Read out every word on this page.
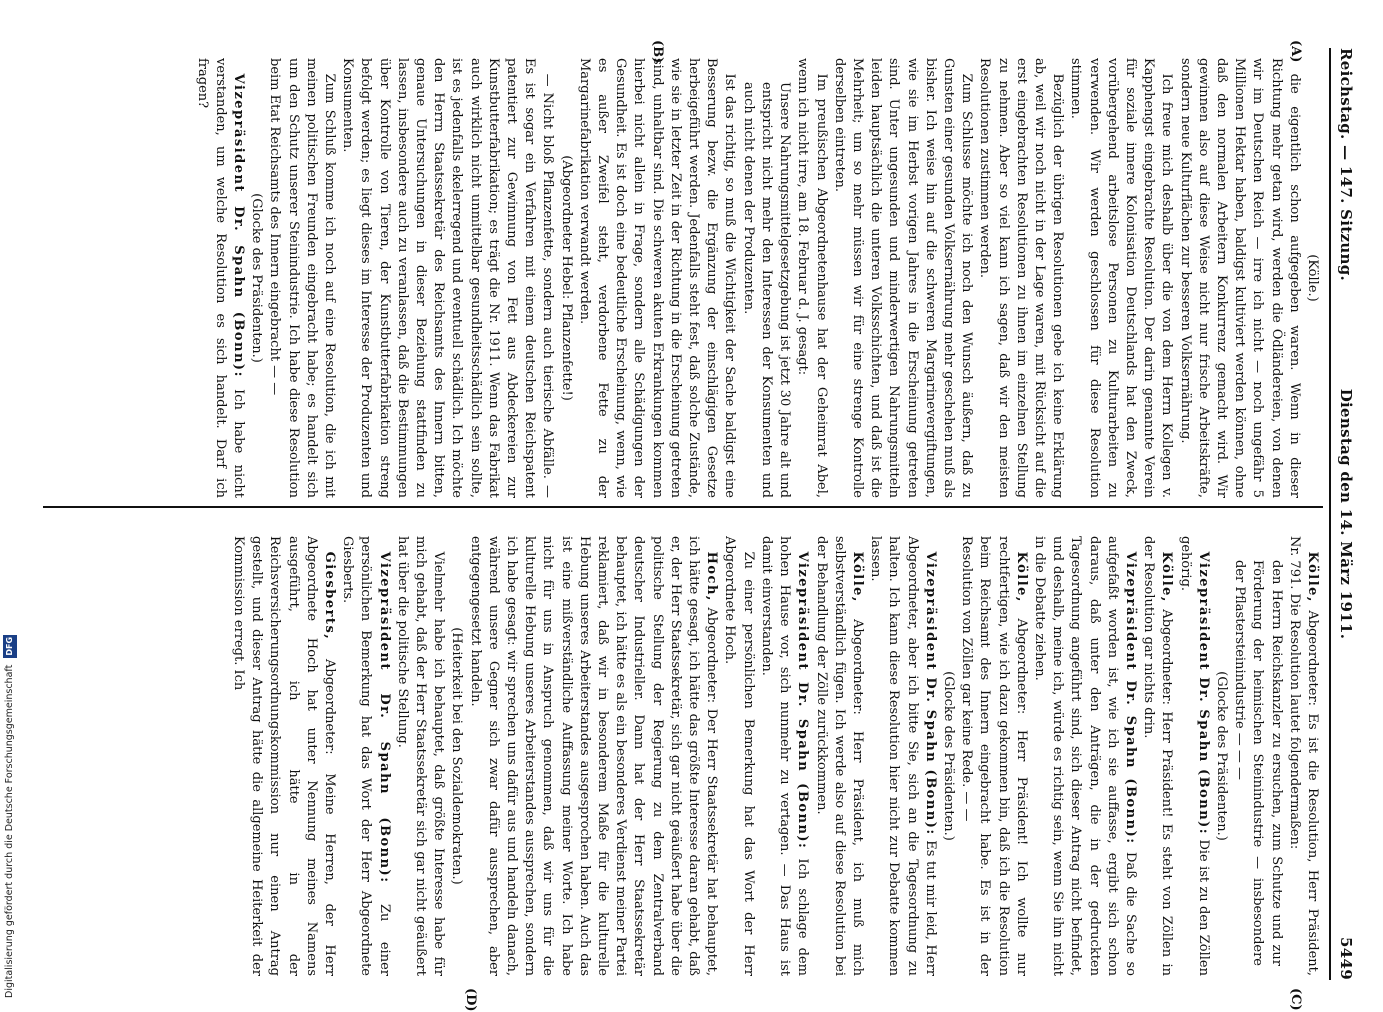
Reichstag. — 147. Sitzung.
Dienstag den 14. März 1911.
5449
(A)
(B)
(C)
(D)

(Kölle.)

die eigentlich schon aufgegeben waren. Wenn in dieser Richtung mehr getan wird, werden die Ödländereien, von denen wir im Deutschen Reich — irre ich nicht — noch ungefähr 5 Millionen Hektar haben, baldigst kultiviert werden können, ohne daß den normalen Arbeitern Konkurrenz gemacht wird. Wir gewinnen also auf diese Weise nicht nur frische Arbeitskräfte, sondern neue Kulturflächen zur besseren Volksernährung.

Ich freue mich deshalb über die von dem Herrn Kollegen v. Kapphengst eingebrachte Resolution. Der darin genannte Verein für soziale innere Kolonisation Deutschlands hat den Zweck, vorübergehend arbeitslose Personen zu Kulturarbeiten zu verwenden. Wir werden geschlossen für diese Resolution stimmen.

Bezüglich der übrigen Resolutionen gebe ich keine Erklärung ab, weil wir noch nicht in der Lage waren, mit Rücksicht auf die erst eingebrachten Resolutionen zu ihnen im einzelnen Stellung zu nehmen. Aber so viel kann ich sagen, daß wir den meisten Resolutionen zustimmen werden.

Zum Schlusse möchte ich noch den Wunsch äußern, daß zu Gunsten einer gesunden Volksernährung mehr geschehen muß als bisher. Ich weise hin auf die schweren Margarinevergiftungen, wie sie im Herbst vorigen Jahres in die Erscheinung getreten sind. Unter ungesunden und minderwertigen Nahrungsmitteln leiden hauptsächlich die unteren Volksschichten, und daß ist die Mehrheit; um so mehr müssen wir für eine strenge Kontrolle derselben eintreten.

Im preußischen Abgeordnetenhause hat der Geheimrat Abel, wenn ich nicht irre, am 18. Februar d. J. gesagt:

Unsere Nahrungsmittelgesetzgebung ist jetzt 30 Jahre alt und entspricht nicht mehr den Interessen der Konsumenten und auch nicht denen der Produzenten.

Ist das richtig, so muß die Wichtigkeit der Sache baldigst eine Besserung bezw. die Ergänzung der einschlägigen Gesetze herbeigeführt werden. Jedenfalls steht fest, daß solche Zustände, wie sie in letzter Zeit in der Richtung in die Erscheinung getreten sind, unhaltbar sind. Die schweren akuten Erkrankungen kommen hierbei nicht allein in Frage, sondern alle Schädigungen der Gesundheit. Es ist doch eine bedeutliche Erscheinung, wenn, wie es außer Zweifel steht, verdorbene Fette zu der Margarinefabrikation verwandt werden.

(Abgeordneter Hebel: Pflanzenfette!)

— Nicht bloß Pflanzenfette, sondern auch tierische Abfälle. — Es ist sogar ein Verfahren mit einem deutschen Reichspatent patentiert zur Gewinnung von Fett aus Abdeckereien zur Kunstbutterfabrikation; es trägt die Nr. 1911. Wenn das Fabrikat auch wirklich nicht unmittelbar gesundheitsschädlich sein sollte, ist es jedenfalls ekelerregend und eventuell schädlich. Ich möchte den Herrn Staatssekretär des Reichsamts des Innern bitten, genaue Untersuchungen in dieser Beziehung stattfinden zu lassen, insbesondere auch zu veranlassen, daß die Bestimmungen über Kontrolle von Tieren, der Kunstbutterfabrikation streng befolgt werden; es liegt dieses im Interesse der Produzenten und Konsumenten.

Zum Schluß komme ich noch auf eine Resolution, die ich mit meinen politischen Freunden eingebracht habe; es handelt sich um den Schutz unserer Steinindustrie. Ich habe diese Resolution beim Etat Reichsamts des Innern eingebracht — —

(Glocke des Präsidenten.)

Vizepräsident Dr. Spahn (Bonn): Ich habe nicht verstanden, um welche Resolution es sich handelt. Darf ich fragen?

Kölle, Abgeordneter: Es ist die Resolution, Herr Präsident, Nr. 791. Die Resolution lautet folgendermaßen:

den Herrn Reichskanzler zu ersuchen, zum Schutze und zur Förderung der heimischen Steinindustrie — insbesondere der Pflastersteinindustrie — — —

(Glocke des Präsidenten.)

Vizepräsident Dr. Spahn (Bonn): Die ist zu den Zöllen gehörig.

Kölle, Abgeordneter: Herr Präsident! Es steht von Zöllen in der Resolution gar nichts drin.

Vizepräsident Dr. Spahn (Bonn): Daß die Sache so aufgefaßt worden ist, wie ich sie auffasse, ergibt sich schon daraus, daß unter den Anträgen, die in der gedruckten Tagesordnung angeführt sind, sich dieser Antrag nicht befindet, und deshalb, meine ich, würde es richtig sein, wenn Sie ihn nicht in die Debatte ziehen.

Kölle, Abgeordneter: Herr Präsident! Ich wollte nur rechtfertigen, wie ich dazu gekommen bin, daß ich die Resolution beim Reichsamt des Innern eingebracht habe. Es ist in der Resolution von Zöllen gar keine Rede. — —

(Glocke des Präsidenten.)

Vizepräsident Dr. Spahn (Bonn): Es tut mir leid, Herr Abgeordneter, aber ich bitte Sie, sich an die Tagesordnung zu halten. Ich kann diese Resolution hier nicht zur Debatte kommen lassen.

Kölle, Abgeordneter: Herr Präsident, ich muß mich selbstverständlich fügen. Ich werde also auf diese Resolution bei der Behandlung der Zölle zurückkommen.

Vizepräsident Dr. Spahn (Bonn): Ich schlage dem hohen Hause vor, sich nunmehr zu vertagen. — Das Haus ist damit einverstanden.

Zu einer persönlichen Bemerkung hat das Wort der Herr Abgeordnete Hoch.

Hoch, Abgeordneter: Der Herr Staatssekretär hat behauptet, ich hätte gesagt, ich hätte das größte Interesse daran gehabt, daß er, der Herr Staatssekretär, sich gar nicht geäußert habe über die politische Stellung der Regierung zu dem Zentralverband deutscher Industrieller. Dann hat der Herr Staatssekretär behauptet, ich hätte es als ein besonderes Verdienst meiner Partei reklamiert, daß wir in besonderem Maße für die kulturelle Hebung unseres Arbeiterstandes ausgesprochen haben. Auch das ist eine mißverständliche Auffassung meiner Worte. Ich habe nicht für uns in Anspruch genommen, daß wir uns für die kulturelle Hebung unseres Arbeiterstandes aussprechen, sondern ich habe gesagt: wir sprechen uns dafür aus und handeln danach, während unsere Gegner sich zwar dafür aussprechen, aber entgegengesetzt handeln.

(Heiterkeit bei den Sozialdemokraten.)

Vielmehr habe ich behauptet, daß größte Interesse habe für mich gehabt, daß der Herr Staatssekretär sich gar nicht geäußert hat über die politische Stellung.

Vizepräsident Dr. Spahn (Bonn): Zu einer persönlichen Bemerkung hat das Wort der Herr Abgeordnete Giesberts.

Giesberts, Abgeordneter: Meine Herren, der Herr Abgeordnete Hoch hat unter Nennung meines Namens ausgeführt, ich hätte in der Reichsversicherungsordnungskommission nur einen Antrag gestellt, und dieser Antrag hätte die allgemeine Heiterkeit der Kommission erregt. Ich

Digitalisierung gefördert durch die Deutsche Forschungsgemeinschaft DFG
